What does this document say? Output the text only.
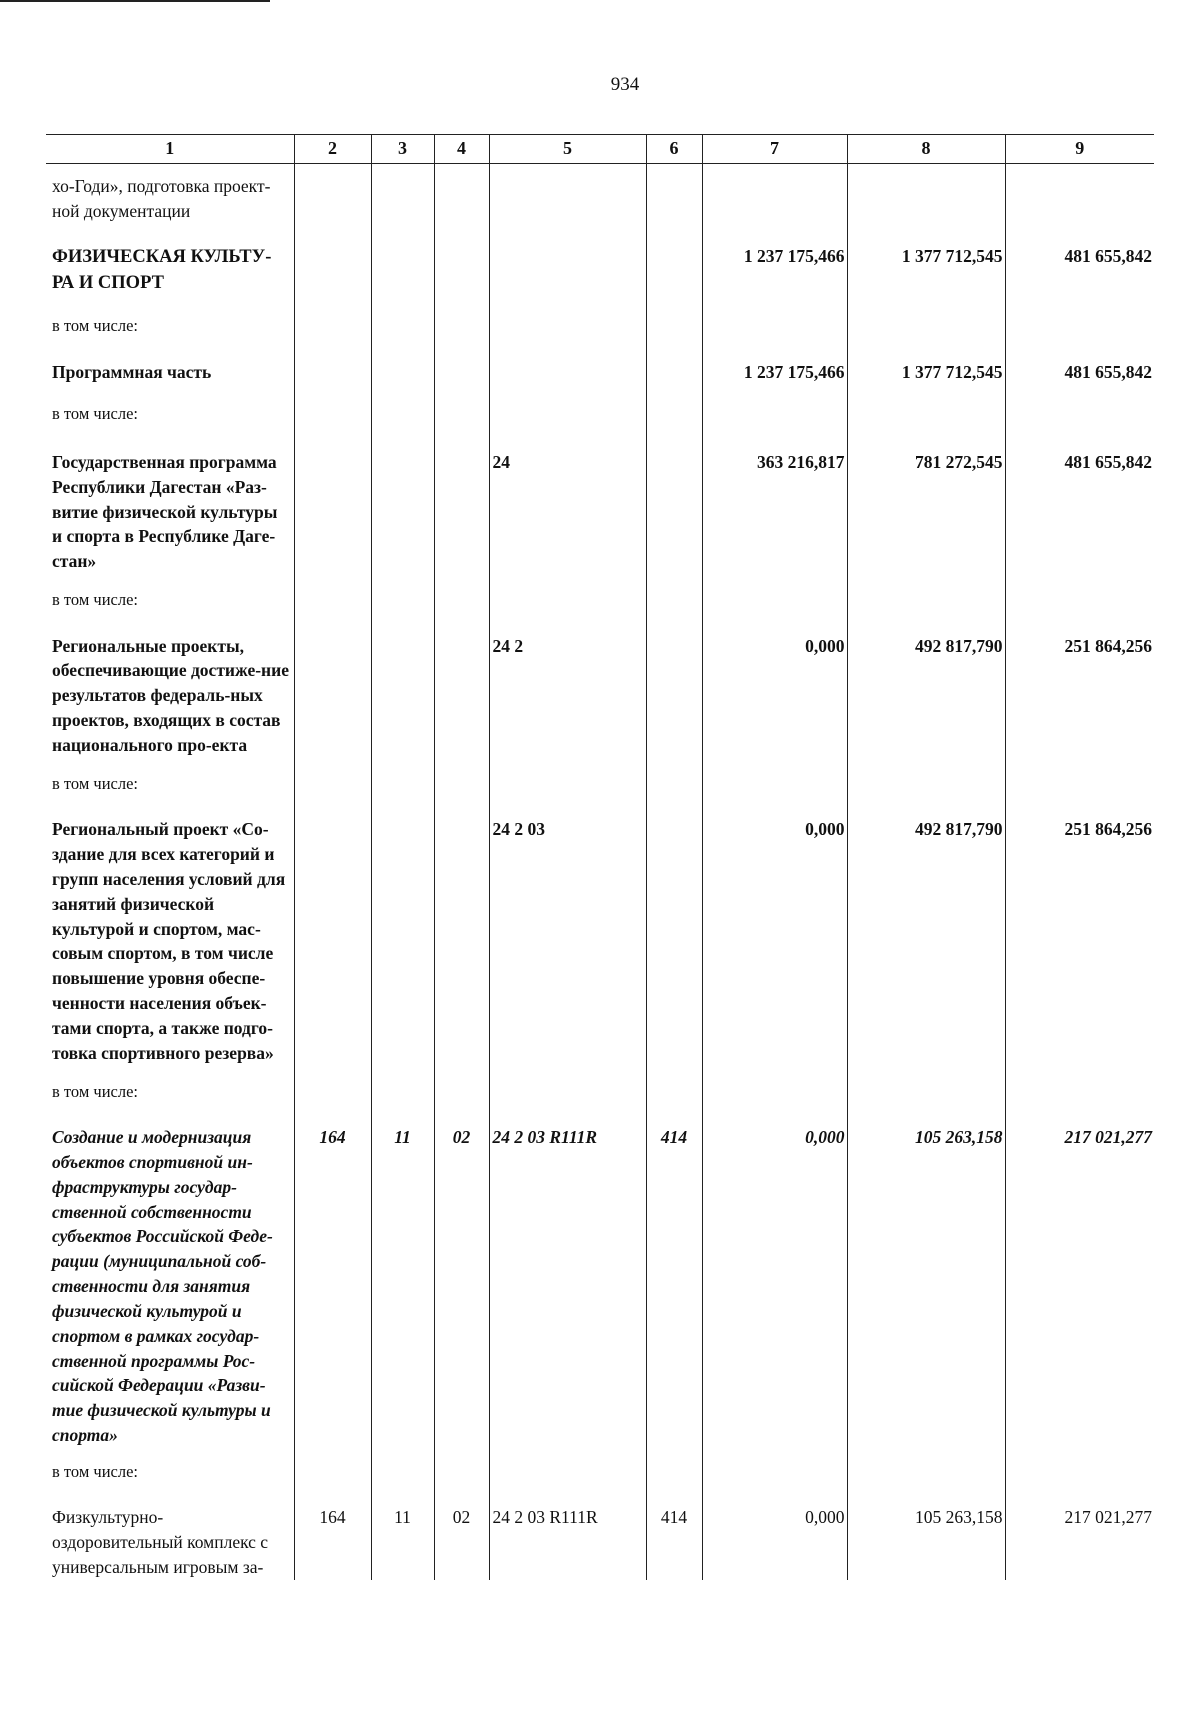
934
1	2	3	4	5	6	7	8	9
хо-Годи», подготовка проект-ной документации								
ФИЗИЧЕСКАЯ КУЛЬТУ-РА И СПОРТ						1 237 175,466	1 377 712,545	481 655,842
в том числе:								
Программная часть						1 237 175,466	1 377 712,545	481 655,842
в том числе:								
Государственная программа Республики Дагестан «Раз-витие физической культуры и спорта в Республике Даге-стан»				24		363 216,817	781 272,545	481 655,842
в том числе:								
Региональные проекты, обеспечивающие достиже-ние результатов федераль-ных проектов, входящих в состав национального про-екта				24 2		0,000	492 817,790	251 864,256
в том числе:								
Региональный проект «Со-здание для всех категорий и групп населения условий для занятий физической культурой и спортом, мас-совым спортом, в том числе повышение уровня обеспе-ченности населения объек-тами спорта, а также подго-товка спортивного резерва»				24 2 03		0,000	492 817,790	251 864,256
в том числе:								
Создание и модернизация объектов спортивной ин-фраструктуры государ-ственной собственности субъектов Российской Феде-рации (муниципальной соб-ственности для занятия физической культурой и спортом в рамках государ-ственной программы Рос-сийской Федерации «Разви-тие физической культуры и спорта»	164	11	02	24 2 03 R111R	414	0,000	105 263,158	217 021,277
в том числе:								
Физкультурно-оздоровительный комплекс с универсальным игровым за-	164	11	02	24 2 03 R111R	414	0,000	105 263,158	217 021,277
